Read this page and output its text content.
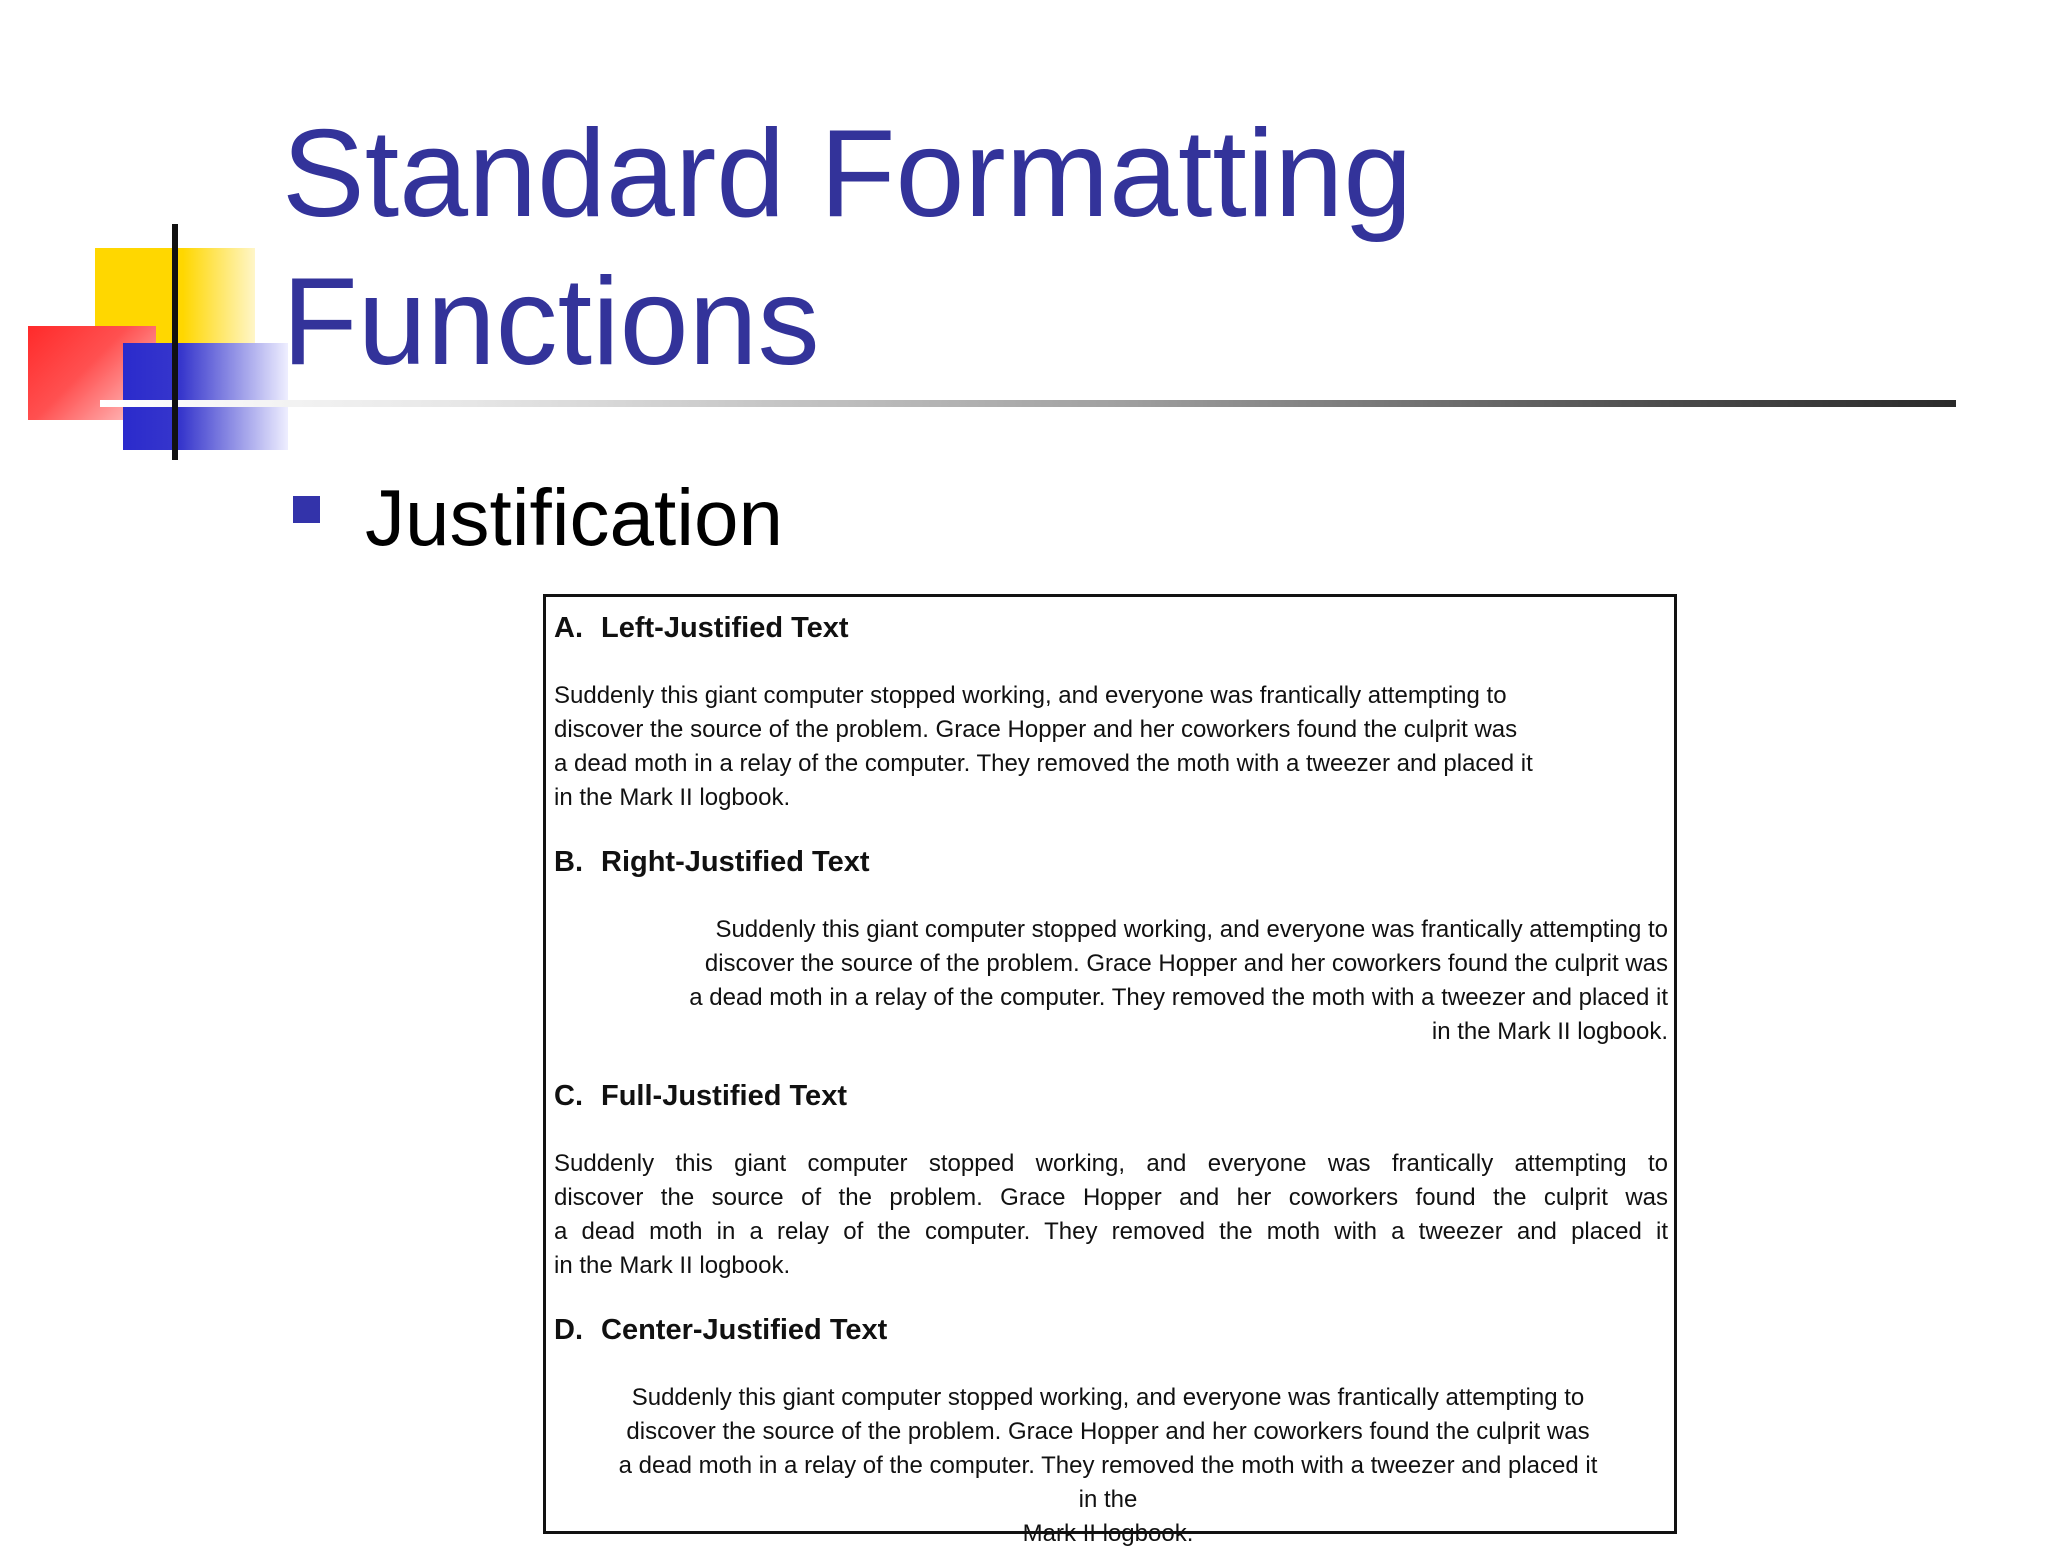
Standard Formatting
Functions
Justification
A. Left-Justified Text
Suddenly this giant computer stopped working, and everyone was frantically attempting to
discover the source of the problem. Grace Hopper and her coworkers found the culprit was
a dead moth in a relay of the computer. They removed the moth with a tweezer and placed it
in the Mark II logbook.
B. Right-Justified Text
Suddenly this giant computer stopped working, and everyone was frantically attempting to
discover the source of the problem. Grace Hopper and her coworkers found the culprit was
a dead moth in a relay of the computer. They removed the moth with a tweezer and placed it
in the Mark II logbook.
C. Full-Justified Text
Suddenly this giant computer stopped working, and everyone was frantically attempting to
discover the source of the problem. Grace Hopper and her coworkers found the culprit was
a dead moth in a relay of the computer. They removed the moth with a tweezer and placed it
in the Mark II logbook.
D. Center-Justified Text
Suddenly this giant computer stopped working, and everyone was frantically attempting to
discover the source of the problem. Grace Hopper and her coworkers found the culprit was
a dead moth in a relay of the computer. They removed the moth with a tweezer and placed it
in the
Mark II logbook.
